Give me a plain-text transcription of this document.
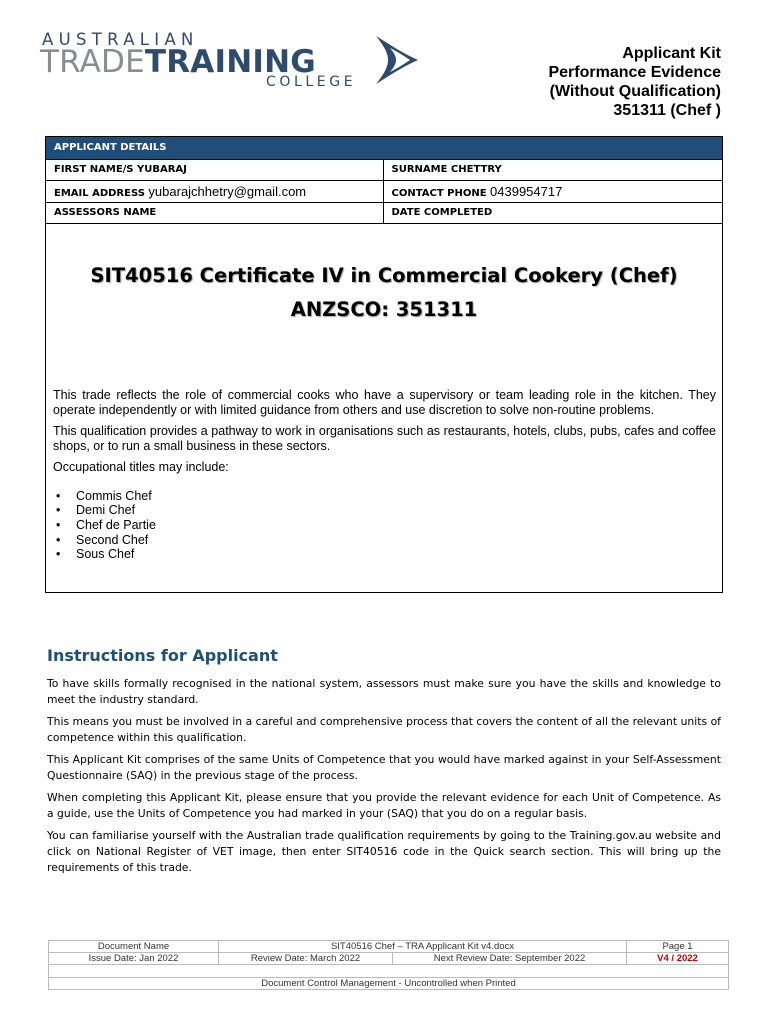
AUSTRALIAN
TRADETRAINING
COLLEGE
Applicant Kit
Performance Evidence
(Without Qualification)
351311 (Chef )
APPLICANT DETAILS	
FIRST NAME/S YUBARAJ	SURNAME CHETTRY
EMAIL ADDRESS yubarajchhetry@gmail.com	CONTACT PHONE 0439954717
ASSESSORS NAME	DATE COMPLETED
SIT40516 Certificate IV in Commercial Cookery (Chef)
ANZSCO: 351311

This trade reflects the role of commercial cooks who have a supervisory or team leading role in the kitchen. They operate independently or with limited guidance from others and use discretion to solve non-routine problems.

This qualification provides a pathway to work in organisations such as restaurants, hotels, clubs, pubs, cafes and coffee shops, or to run a small business in these sectors.

Occupational titles may include:

• Commis Chef
• Demi Chef
• Chef de Partie
• Second Chef
• Sous Chef
Instructions for Applicant

To have skills formally recognised in the national system, assessors must make sure you have the skills and knowledge to meet the industry standard.

This means you must be involved in a careful and comprehensive process that covers the content of all the relevant units of competence within this qualification.

This Applicant Kit comprises of the same Units of Competence that you would have marked against in your Self-Assessment Questionnaire (SAQ) in the previous stage of the process.

When completing this Applicant Kit, please ensure that you provide the relevant evidence for each Unit of Competence. As a guide, use the Units of Competence you had marked in your (SAQ) that you do on a regular basis.

You can familiarise yourself with the Australian trade qualification requirements by going to the Training.gov.au website and click on National Register of VET image, then enter SIT40516 code in the Quick search section. This will bring up the requirements of this trade.

Document Name	SIT40516 Chef – TRA Applicant Kit v4.docx		Page 1
Issue Date: Jan 2022	Review Date: March 2022	Next Review Date: September 2022	V4 / 2022

Document Control Management - Uncontrolled when Printed			
